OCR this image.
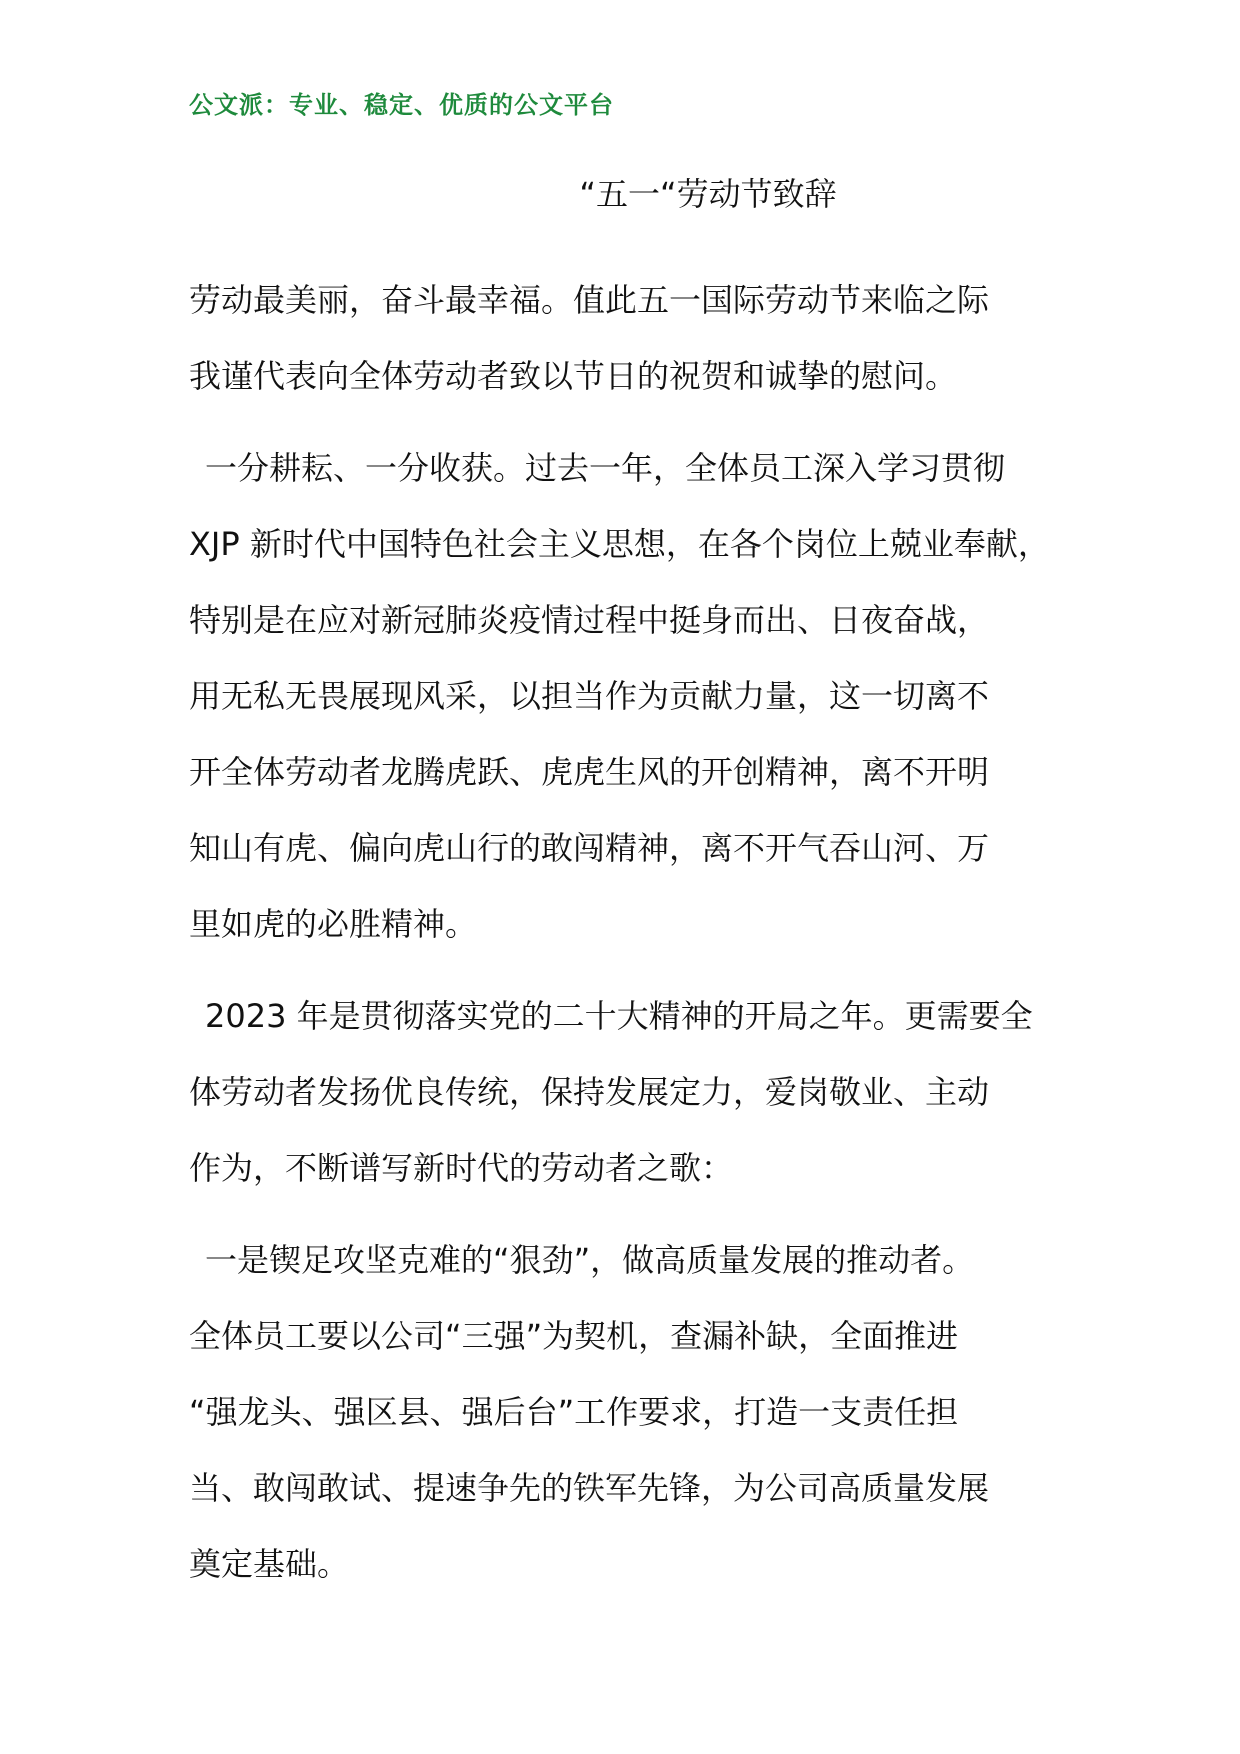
公文派：专业、稳定、优质的公文平台
“五一“劳动节致辞

劳动最美丽，奋斗最幸福。值此五一国际劳动节来临之际
我谨代表向全体劳动者致以节日的祝贺和诚挚的慰问。

一分耕耘、一分收获。过去一年，全体员工深入学习贯彻
XJP 新时代中国特色社会主义思想，在各个岗位上兢业奉献，
特别是在应对新冠肺炎疫情过程中挺身而出、日夜奋战，
用无私无畏展现风采，以担当作为贡献力量，这一切离不
开全体劳动者龙腾虎跃、虎虎生风的开创精神，离不开明
知山有虎、偏向虎山行的敢闯精神，离不开气吞山河、万
里如虎的必胜精神。

2023 年是贯彻落实党的二十大精神的开局之年。更需要全
体劳动者发扬优良传统，保持发展定力，爱岗敬业、主动
作为，不断谱写新时代的劳动者之歌：

一是锲足攻坚克难的“狠劲”，做高质量发展的推动者。
全体员工要以公司“三强”为契机，查漏补缺，全面推进
“强龙头、强区县、强后台”工作要求，打造一支责任担
当、敢闯敢试、提速争先的铁军先锋，为公司高质量发展
奠定基础。
